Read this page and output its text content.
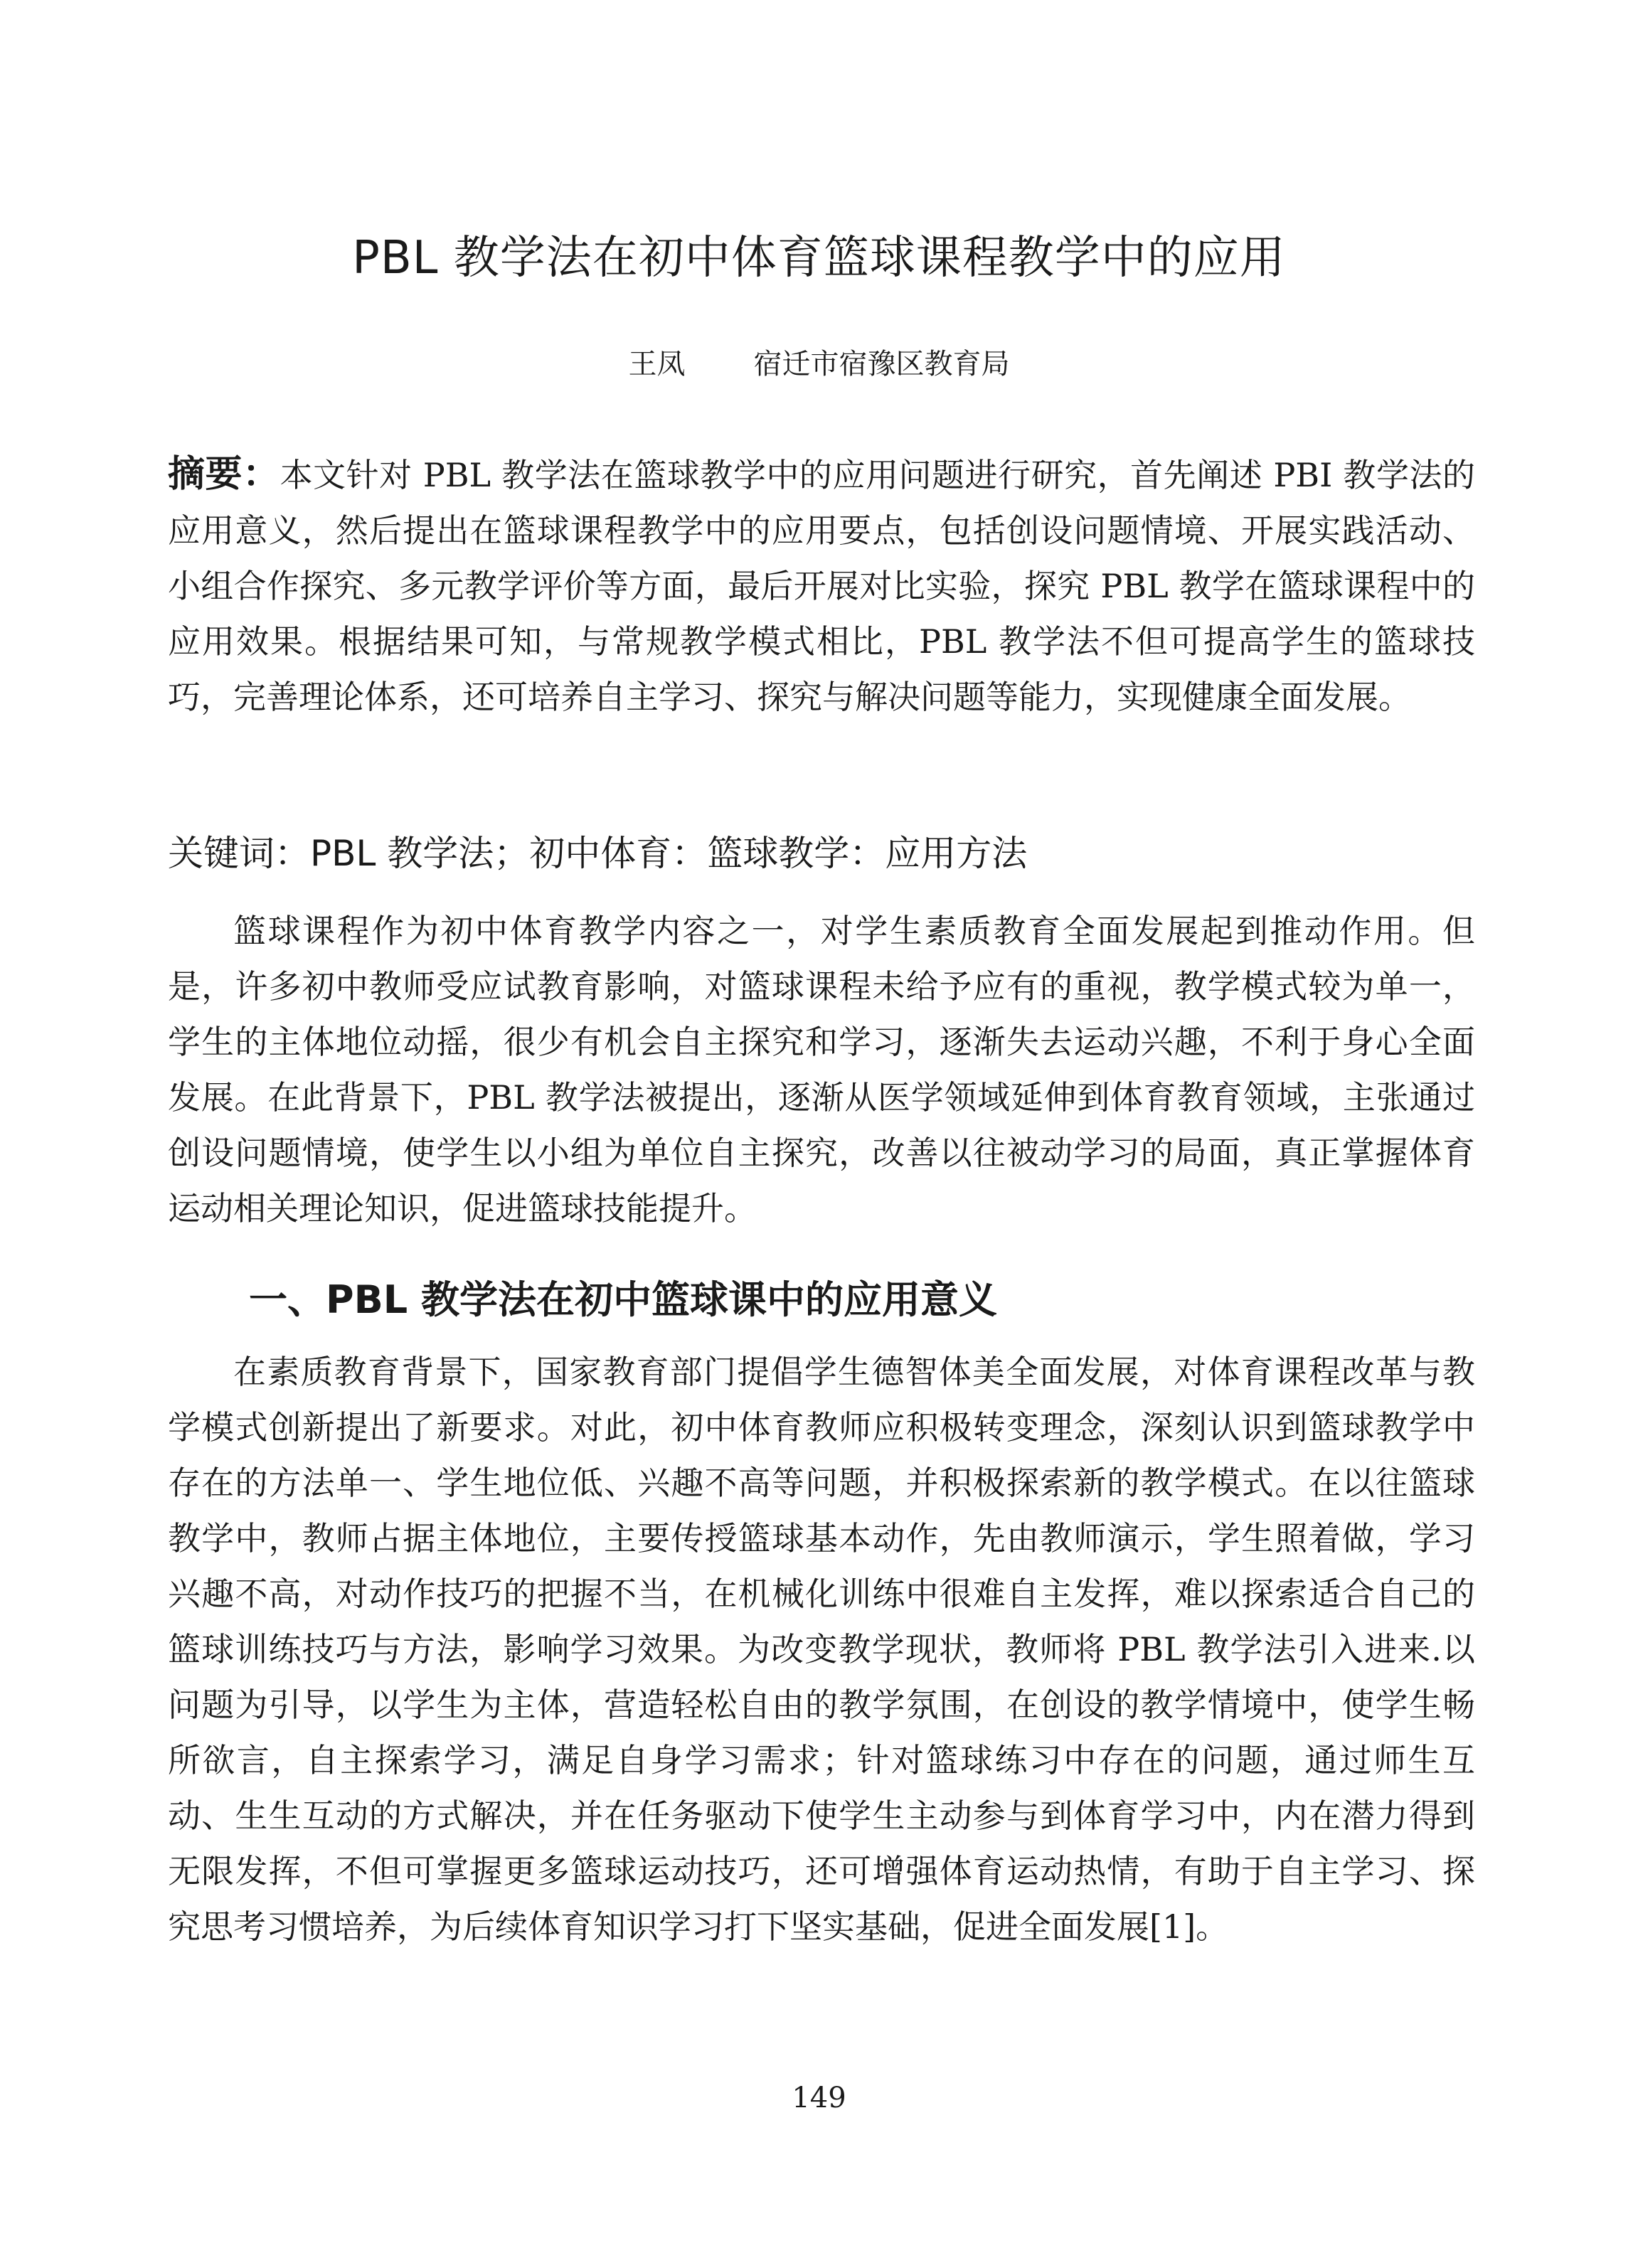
PBL 教学法在初中体育篮球课程教学中的应用
王凤 宿迁市宿豫区教育局

摘要：本文针对 PBL 教学法在篮球教学中的应用问题进行研究，首先阐述 PBI 教学法的应用意义，然后提出在篮球课程教学中的应用要点，包括创设问题情境、开展实践活动、小组合作探究、多元教学评价等方面，最后开展对比实验，探究 PBL 教学在篮球课程中的应用效果。根据结果可知，与常规教学模式相比，PBL 教学法不但可提高学生的篮球技巧，完善理论体系，还可培养自主学习、探究与解决问题等能力，实现健康全面发展。

关键词：PBL 教学法；初中体育：篮球教学：应用方法

篮球课程作为初中体育教学内容之一，对学生素质教育全面发展起到推动作用。但是，许多初中教师受应试教育影响，对篮球课程未给予应有的重视，教学模式较为单一，学生的主体地位动摇，很少有机会自主探究和学习，逐渐失去运动兴趣，不利于身心全面发展。在此背景下，PBL 教学法被提出，逐渐从医学领域延伸到体育教育领域，主张通过创设问题情境，使学生以小组为单位自主探究，改善以往被动学习的局面，真正掌握体育运动相关理论知识，促进篮球技能提升。

一、PBL 教学法在初中篮球课中的应用意义

在素质教育背景下，国家教育部门提倡学生德智体美全面发展，对体育课程改革与教学模式创新提出了新要求。对此，初中体育教师应积极转变理念，深刻认识到篮球教学中存在的方法单一、学生地位低、兴趣不高等问题，并积极探索新的教学模式。在以往篮球教学中，教师占据主体地位，主要传授篮球基本动作，先由教师演示，学生照着做，学习兴趣不高，对动作技巧的把握不当，在机械化训练中很难自主发挥，难以探索适合自己的篮球训练技巧与方法，影响学习效果。为改变教学现状，教师将 PBL 教学法引入进来.以问题为引导，以学生为主体，营造轻松自由的教学氛围，在创设的教学情境中，使学生畅所欲言，自主探索学习，满足自身学习需求；针对篮球练习中存在的问题，通过师生互动、生生互动的方式解决，并在任务驱动下使学生主动参与到体育学习中，内在潜力得到无限发挥，不但可掌握更多篮球运动技巧，还可增强体育运动热情，有助于自主学习、探究思考习惯培养，为后续体育知识学习打下坚实基础，促进全面发展[1]。

149
